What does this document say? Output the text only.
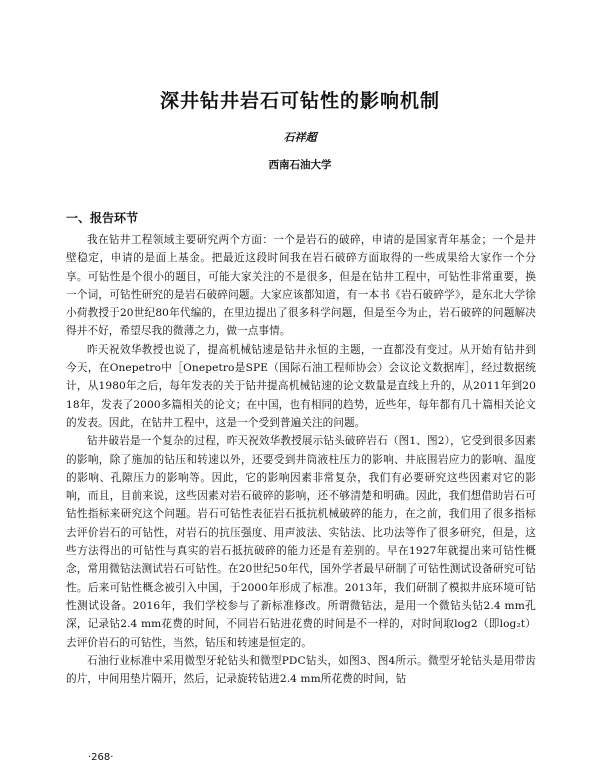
深井钻井岩石可钻性的影响机制
石祥超
西南石油大学
一、报告环节

我在钻井工程领域主要研究两个方面：一个是岩石的破碎，申请的是国家青年基金；一个是井壁稳定，申请的是面上基金。把最近这段时间我在岩石破碎方面取得的一些成果给大家作一个分享。可钻性是个很小的题目，可能大家关注的不是很多，但是在钻井工程中，可钻性非常重要，换一个词，可钻性研究的是岩石破碎问题。大家应该都知道，有一本书《岩石破碎学》，是东北大学徐小荷教授于20世纪80年代编的，在里边提出了很多科学问题，但是至今为止，岩石破碎的问题解决得并不好，希望尽我的微薄之力，做一点事情。

昨天祝效华教授也说了，提高机械钻速是钻井永恒的主题，一直都没有变过。从开始有钻井到今天，在Onepetro中［Onepetro是SPE（国际石油工程师协会）会议论文数据库］，经过数据统计，从1980年之后，每年发表的关于钻井提高机械钻速的论文数量是直线上升的，从2011年到2018年，发表了2000多篇相关的论文；在中国，也有相同的趋势，近些年，每年都有几十篇相关论文的发表。因此，在钻井工程中，这是一个受到普遍关注的问题。

钻井破岩是一个复杂的过程，昨天祝效华教授展示钻头破碎岩石（图1、图2），它受到很多因素的影响，除了施加的钻压和转速以外，还要受到井筒液柱压力的影响、井底围岩应力的影响、温度的影响、孔隙压力的影响等。因此，它的影响因素非常复杂，我们有必要研究这些因素对它的影响，而且，目前来说，这些因素对岩石破碎的影响，还不够清楚和明确。因此，我们想借助岩石可钻性指标来研究这个问题。岩石可钻性表征岩石抵抗机械破碎的能力，在之前，我们用了很多指标去评价岩石的可钻性，对岩石的抗压强度、用声波法、实钻法、比功法等作了很多研究，但是，这些方法得出的可钻性与真实的岩石抵抗破碎的能力还是有差别的。早在1927年就提出来可钻性概念，常用微钻法测试岩石可钻性。在20世纪50年代，国外学者最早研制了可钻性测试设备研究可钻性。后来可钻性概念被引入中国，于2000年形成了标准。2013年，我们研制了模拟井底环境可钻性测试设备。2016年，我们学校参与了新标准修改。所谓微钻法，是用一个微钻头钻2.4 mm孔深，记录钻2.4 mm花费的时间，不同岩石钻进花费的时间是不一样的，对时间取log2（即log₂t）去评价岩石的可钻性，当然，钻压和转速是恒定的。

石油行业标准中采用微型牙轮钻头和微型PDC钻头，如图3、图4所示。微型牙轮钻头是用带齿的片，中间用垫片隔开，然后，记录旋转钻进2.4 mm所花费的时间，钻

·268·
